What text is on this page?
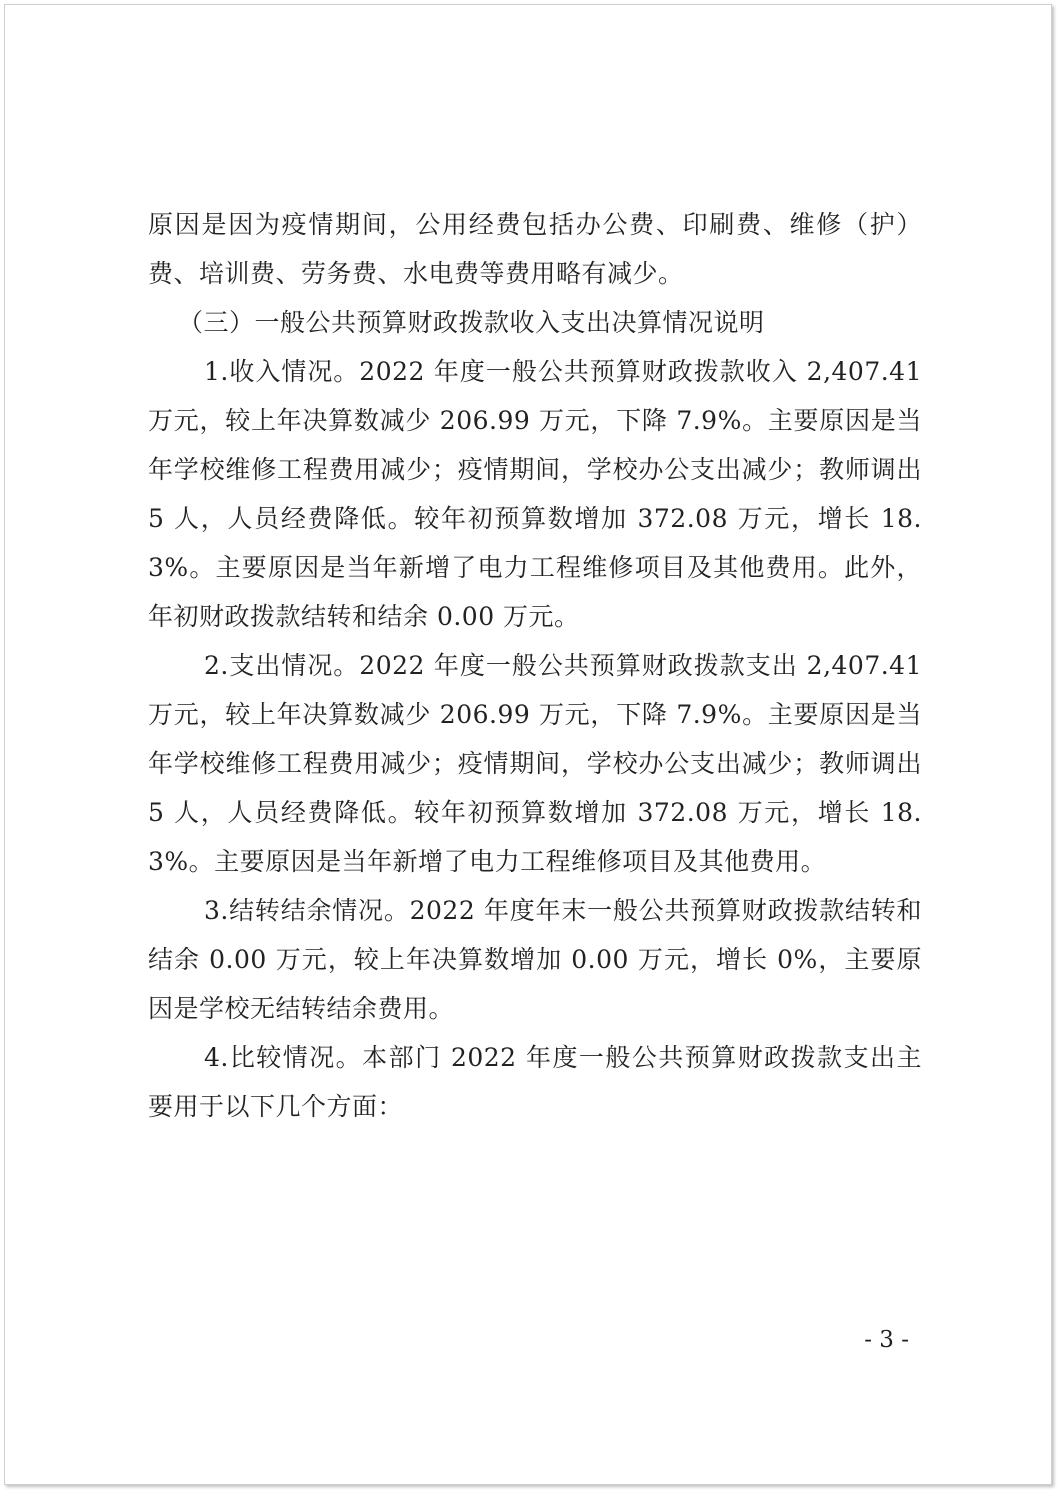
原因是因为疫情期间，公用经费包括办公费、印刷费、维修（护）费、培训费、劳务费、水电费等费用略有减少。

（三）一般公共预算财政拨款收入支出决算情况说明

1.收入情况。2022 年度一般公共预算财政拨款收入 2,407.41 万元，较上年决算数减少 206.99 万元，下降 7.9%。主要原因是当年学校维修工程费用减少；疫情期间，学校办公支出减少；教师调出 5 人，人员经费降低。较年初预算数增加 372.08 万元，增长 18.3%。主要原因是当年新增了电力工程维修项目及其他费用。此外，年初财政拨款结转和结余 0.00 万元。

2.支出情况。2022 年度一般公共预算财政拨款支出 2,407.41 万元，较上年决算数减少 206.99 万元，下降 7.9%。主要原因是当年学校维修工程费用减少；疫情期间，学校办公支出减少；教师调出 5 人，人员经费降低。较年初预算数增加 372.08 万元，增长 18.3%。主要原因是当年新增了电力工程维修项目及其他费用。

3.结转结余情况。2022 年度年末一般公共预算财政拨款结转和结余 0.00 万元，较上年决算数增加 0.00 万元，增长 0%，主要原因是学校无结转结余费用。

4.比较情况。本部门 2022 年度一般公共预算财政拨款支出主要用于以下几个方面：

- 3 -
